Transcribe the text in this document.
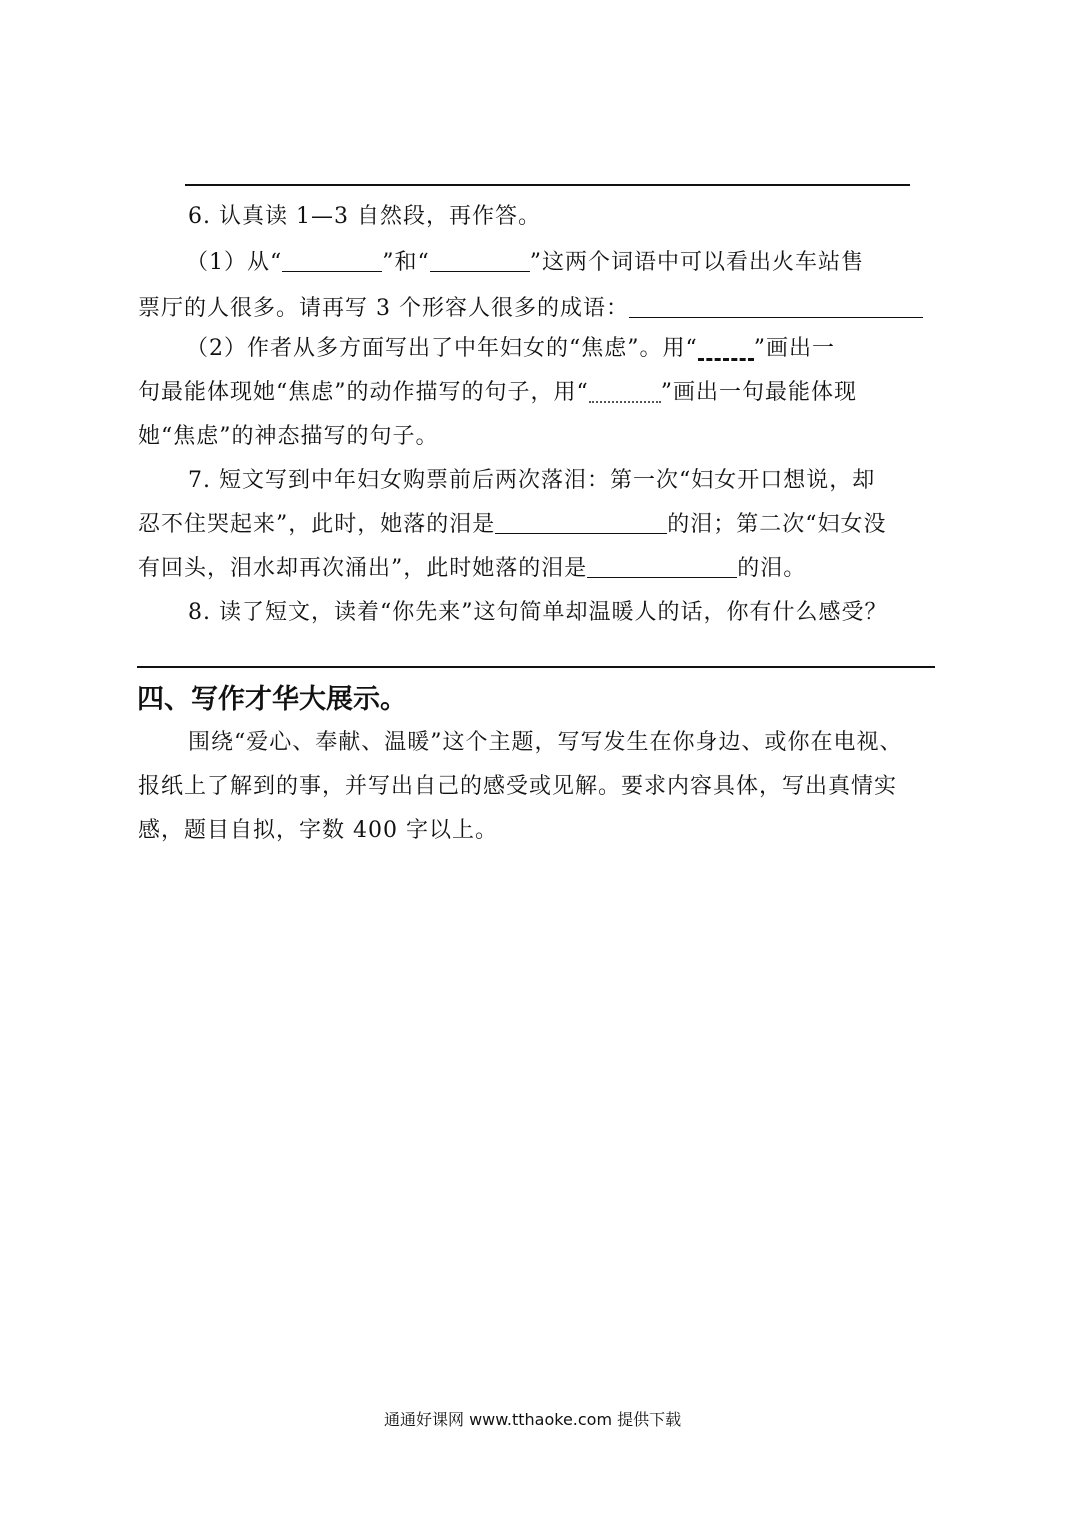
6. 认真读 1—3 自然段，再作答。
（1）从“	”和“	”这两个词语中可以看出火车站售
票厅的人很多。请再写 3 个形容人很多的成语：
（2）作者从多方面写出了中年妇女的“焦虑”。用“	”画出一
句最能体现她“焦虑”的动作描写的句子，用“	”画出一句最能体现
她“焦虑”的神态描写的句子。
7. 短文写到中年妇女购票前后两次落泪：第一次“妇女开口想说，却
忍不住哭起来”，此时，她落的泪是	的泪；第二次“妇女没
有回头，泪水却再次涌出”，此时她落的泪是	的泪。
8. 读了短文，读着“你先来”这句简单却温暖人的话，你有什么感受？
四、写作才华大展示。
围绕“爱心、奉献、温暖”这个主题，写写发生在你身边、或你在电视、
报纸上了解到的事，并写出自己的感受或见解。要求内容具体，写出真情实
感，题目自拟，字数 400 字以上。
通通好课网 www.tthaoke.com 提供下载
